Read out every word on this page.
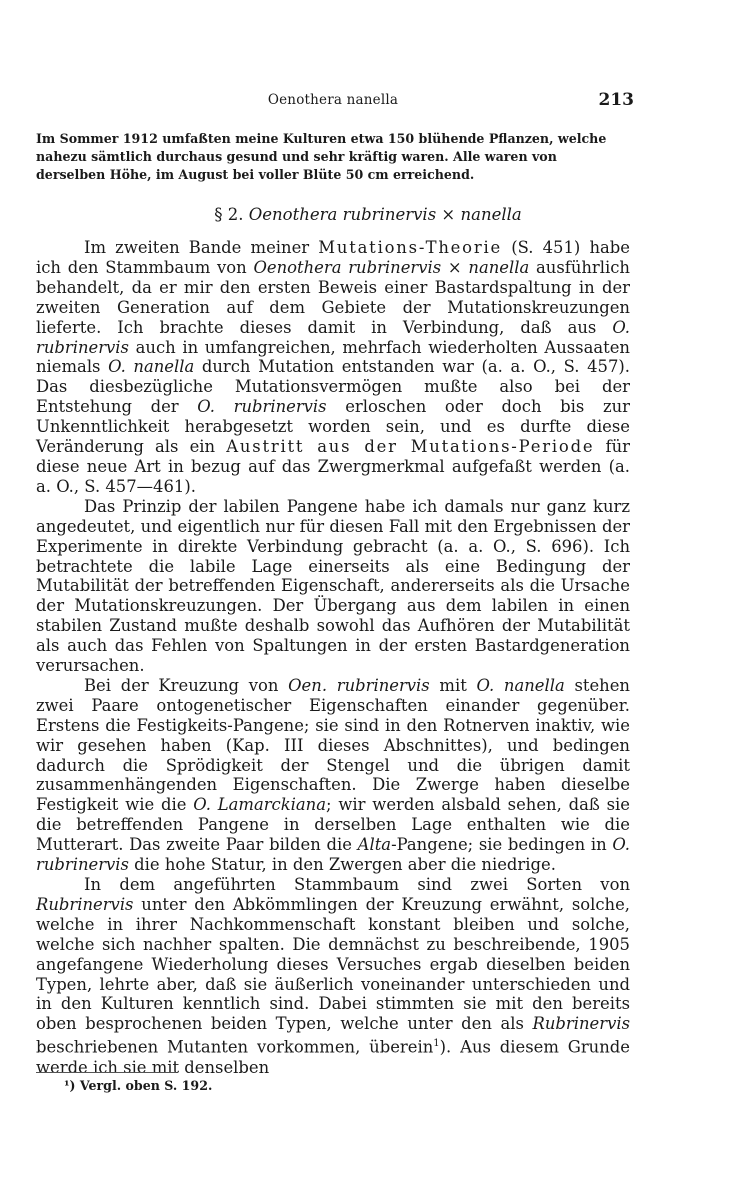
Oenothera nanella	213

Im Sommer 1912 umfaßten meine Kulturen etwa 150 blühende Pflanzen, welche nahezu sämtlich durchaus gesund und sehr kräftig waren. Alle waren von derselben Höhe, im August bei voller Blüte 50 cm erreichend.

§ 2. Oenothera rubrinervis × nanella

Im zweiten Bande meiner Mutations-Theorie (S. 451) habe ich den Stammbaum von Oenothera rubrinervis × nanella ausführlich behandelt, da er mir den ersten Beweis einer Bastardspaltung in der zweiten Generation auf dem Gebiete der Mutationskreuzungen lieferte. Ich brachte dieses damit in Verbindung, daß aus O. rubrinervis auch in umfangreichen, mehrfach wiederholten Aussaaten niemals O. nanella durch Mutation entstanden war (a. a. O., S. 457). Das diesbezügliche Mutationsvermögen mußte also bei der Entstehung der O. rubrinervis erloschen oder doch bis zur Unkenntlichkeit herabgesetzt worden sein, und es durfte diese Veränderung als ein Austritt aus der Mutations-Periode für diese neue Art in bezug auf das Zwergmerkmal aufgefaßt werden (a. a. O., S. 457—461).

Das Prinzip der labilen Pangene habe ich damals nur ganz kurz angedeutet, und eigentlich nur für diesen Fall mit den Ergebnissen der Experimente in direkte Verbindung gebracht (a. a. O., S. 696). Ich betrachtete die labile Lage einerseits als eine Bedingung der Mutabilität der betreffenden Eigenschaft, andererseits als die Ursache der Mutationskreuzungen. Der Übergang aus dem labilen in einen stabilen Zustand mußte deshalb sowohl das Aufhören der Mutabilität als auch das Fehlen von Spaltungen in der ersten Bastardgeneration verursachen.

Bei der Kreuzung von Oen. rubrinervis mit O. nanella stehen zwei Paare ontogenetischer Eigenschaften einander gegenüber. Erstens die Festigkeits-Pangene; sie sind in den Rotnerven inaktiv, wie wir gesehen haben (Kap. III dieses Abschnittes), und bedingen dadurch die Sprödigkeit der Stengel und die übrigen damit zusammenhängenden Eigenschaften. Die Zwerge haben dieselbe Festigkeit wie die O. Lamarckiana; wir werden alsbald sehen, daß sie die betreffenden Pangene in derselben Lage enthalten wie die Mutterart. Das zweite Paar bilden die Alta-Pangene; sie bedingen in O. rubrinervis die hohe Statur, in den Zwergen aber die niedrige.

In dem angeführten Stammbaum sind zwei Sorten von Rubrinervis unter den Abkömmlingen der Kreuzung erwähnt, solche, welche in ihrer Nachkommenschaft konstant bleiben und solche, welche sich nachher spalten. Die demnächst zu beschreibende, 1905 angefangene Wiederholung dieses Versuches ergab dieselben beiden Typen, lehrte aber, daß sie äußerlich voneinander unterschieden und in den Kulturen kenntlich sind. Dabei stimmten sie mit den bereits oben besprochenen beiden Typen, welche unter den als Rubrinervis beschriebenen Mutanten vorkommen, überein$^1$). Aus diesem Grunde werde ich sie mit denselben

¹) Vergl. oben S. 192.
